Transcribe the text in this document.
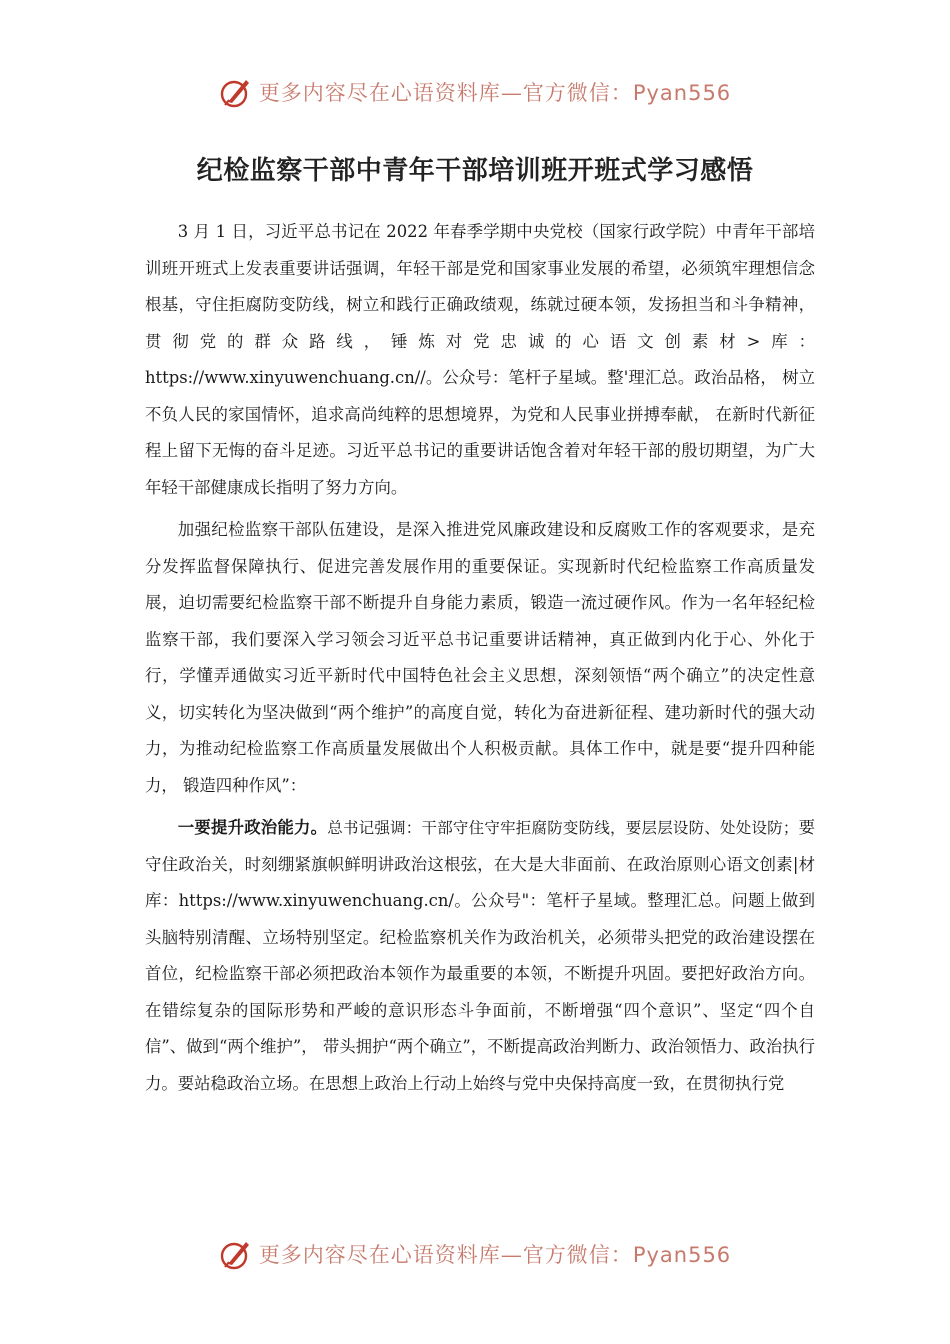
更多内容尽在心语资料库—官方微信：Pyan556
纪检监察干部中青年干部培训班开班式学习感悟

3 月 1 日，习近平总书记在 2022 年春季学期中央党校（国家行政学院）中青年干部培训班开班式上发表重要讲话强调，年轻干部是党和国家事业发展的希望，必须筑牢理想信念根基，守住拒腐防变防线，树立和践行正确政绩观，练就过硬本领，发扬担当和斗争精神，贯彻党的群众路线，锤炼对党忠诚的心语文创素材>库：https://www.xinyuwenchuang.cn//。公众号：笔杆子星域。整'理汇总。政治品格， 树立不负人民的家国情怀，追求高尚纯粹的思想境界，为党和人民事业拼搏奉献， 在新时代新征程上留下无悔的奋斗足迹。习近平总书记的重要讲话饱含着对年轻干部的殷切期望，为广大年轻干部健康成长指明了努力方向。

加强纪检监察干部队伍建设，是深入推进党风廉政建设和反腐败工作的客观要求，是充分发挥监督保障执行、促进完善发展作用的重要保证。实现新时代纪检监察工作高质量发展，迫切需要纪检监察干部不断提升自身能力素质，锻造一流过硬作风。作为一名年轻纪检监察干部，我们要深入学习领会习近平总书记重要讲话精神，真正做到内化于心、外化于行，学懂弄通做实习近平新时代中国特色社会主义思想，深刻领悟“两个确立”的决定性意义，切实转化为坚决做到“两个维护”的高度自觉，转化为奋进新征程、建功新时代的强大动力，为推动纪检监察工作高质量发展做出个人积极贡献。具体工作中，就是要“提升四种能力， 锻造四种作风”：

一要提升政治能力。总书记强调：干部守住守牢拒腐防变防线，要层层设防、处处设防；要守住政治关，时刻绷紧旗帜鲜明讲政治这根弦，在大是大非面前、在政治原则心语文创素|材库：https://www.xinyuwenchuang.cn/。公众号"：笔杆子星域。整理汇总。问题上做到头脑特别清醒、立场特别坚定。纪检监察机关作为政治机关，必须带头把党的政治建设摆在首位，纪检监察干部必须把政治本领作为最重要的本领，不断提升巩固。要把好政治方向。在错综复杂的国际形势和严峻的意识形态斗争面前，不断增强“四个意识”、坚定“四个自信”、做到“两个维护”， 带头拥护“两个确立”，不断提高政治判断力、政治领悟力、政治执行力。要站稳政治立场。在思想上政治上行动上始终与党中央保持高度一致，在贯彻执行党

更多内容尽在心语资料库—官方微信：Pyan556
